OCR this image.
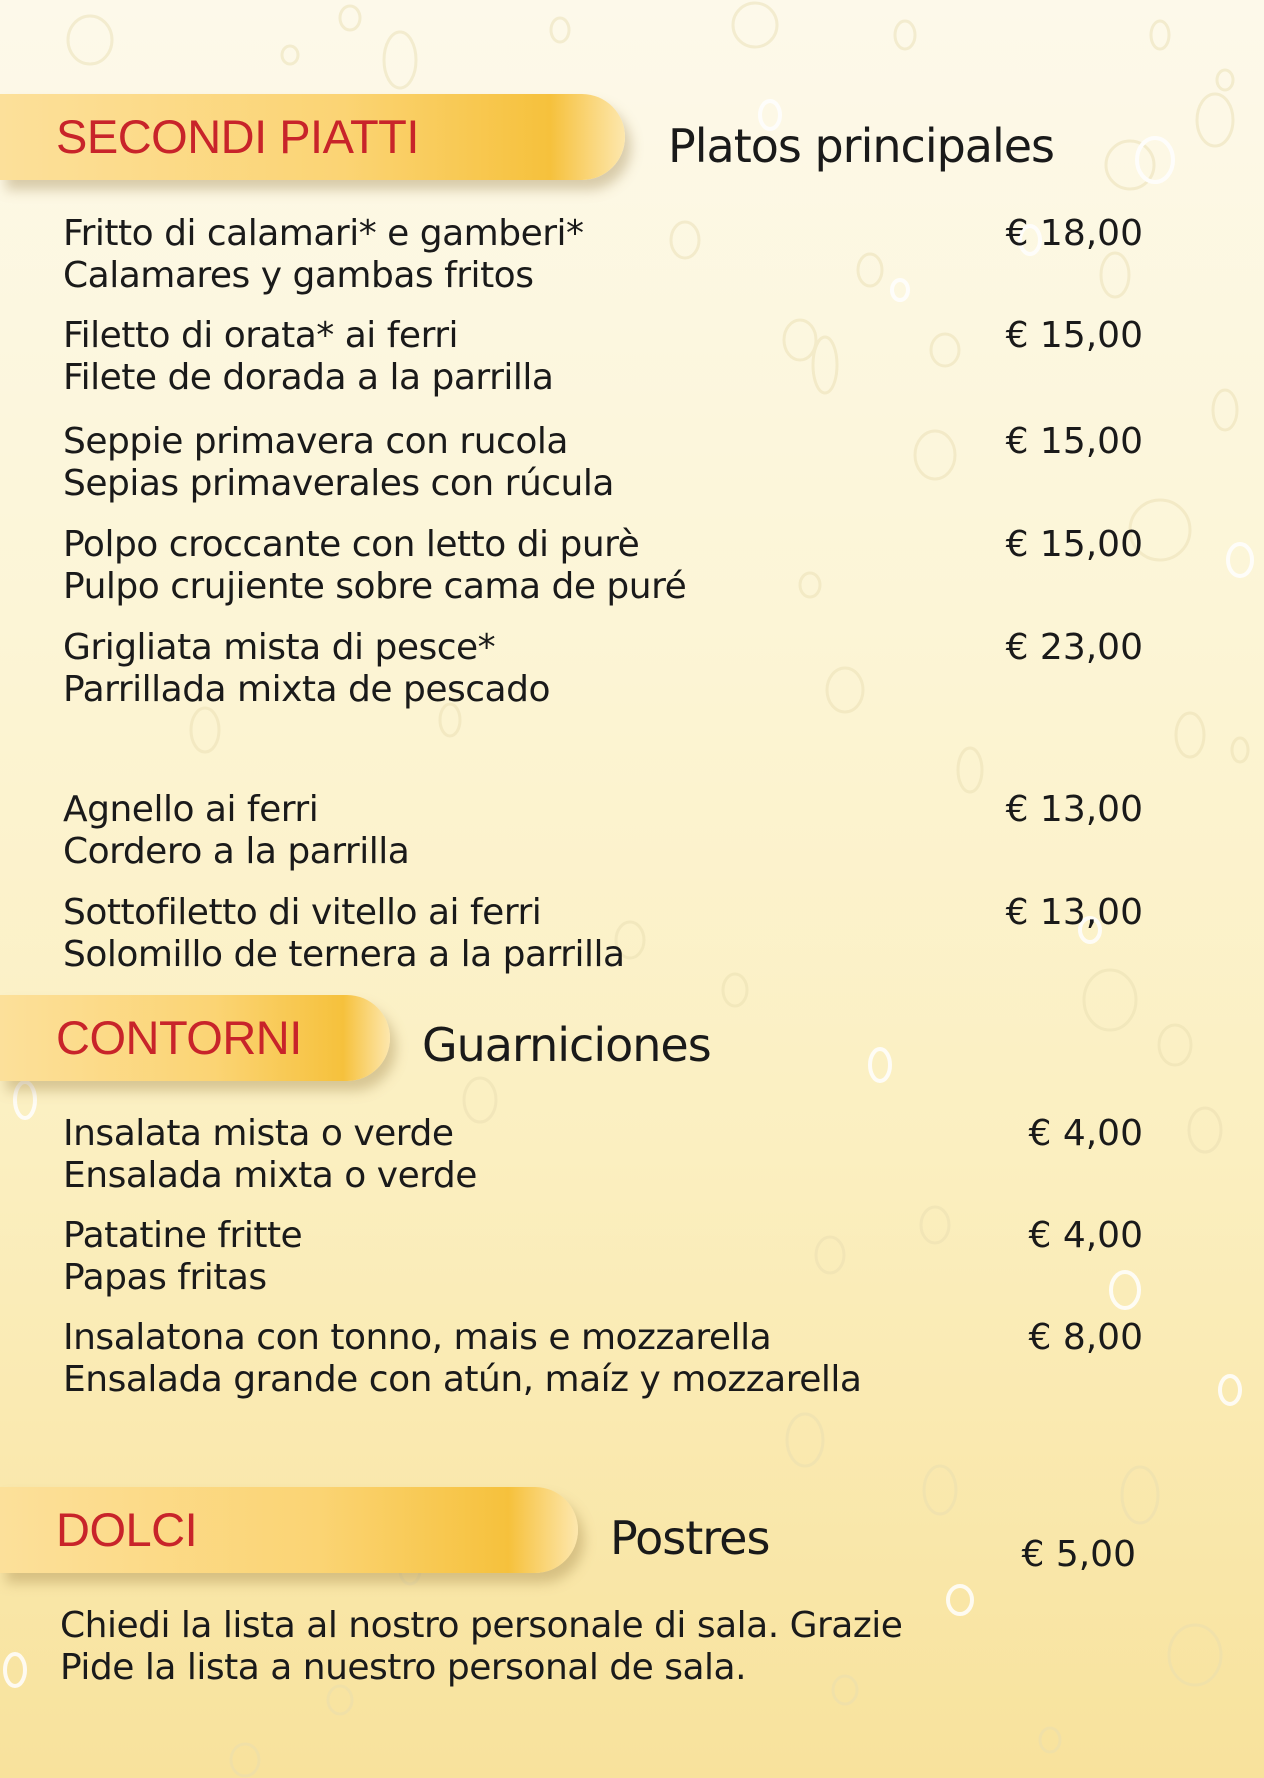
SECONDI PIATTI	Platos principales
Fritto di calamari* e gamberi*
Calamares y gambas fritos
€ 18,00
Filetto di orata* ai ferri
Filete de dorada a la parrilla
€ 15,00
Seppie primavera con rucola
Sepias primaverales con rúcula
€ 15,00
Polpo croccante con letto di purè
Pulpo crujiente sobre cama de puré
€ 15,00
Grigliata mista di pesce*
Parrillada mixta de pescado
€ 23,00
Agnello ai ferri
Cordero a la parrilla
€ 13,00
Sottofiletto di vitello ai ferri
Solomillo de ternera a la parrilla
€ 13,00
CONTORNI	Guarniciones
Insalata mista o verde
Ensalada mixta o verde
€ 4,00
Patatine fritte
Papas fritas
€ 4,00
Insalatona con tonno, mais e mozzarella
Ensalada grande con atún, maíz y mozzarella
€ 8,00
DOLCI	Postres	€ 5,00
Chiedi la lista al nostro personale di sala. Grazie
Pide la lista a nuestro personal de sala.
